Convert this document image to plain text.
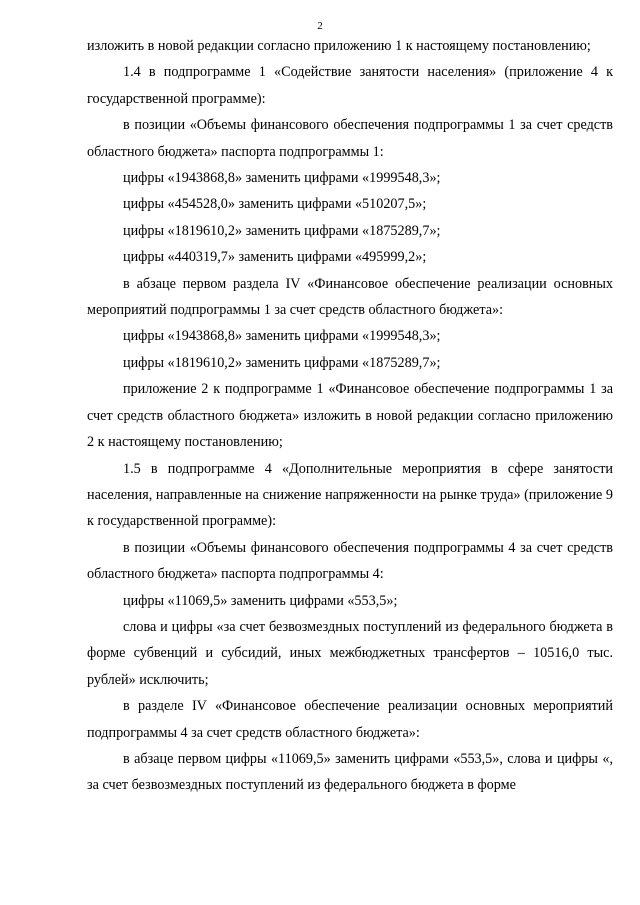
2

изложить в новой редакции согласно приложению 1 к настоящему постановлению;

1.4 в подпрограмме 1 «Содействие занятости населения» (приложение 4 к государственной программе):

в позиции «Объемы финансового обеспечения подпрограммы 1 за счет средств областного бюджета» паспорта подпрограммы 1:

цифры «1943868,8» заменить цифрами «1999548,3»;

цифры «454528,0» заменить цифрами «510207,5»;

цифры «1819610,2» заменить цифрами «1875289,7»;

цифры «440319,7» заменить цифрами «495999,2»;

в абзаце первом раздела IV «Финансовое обеспечение реализации основных мероприятий подпрограммы 1 за счет средств областного бюджета»:

цифры «1943868,8» заменить цифрами «1999548,3»;

цифры «1819610,2» заменить цифрами «1875289,7»;

приложение 2 к подпрограмме 1 «Финансовое обеспечение подпрограммы 1 за счет средств областного бюджета» изложить в новой редакции согласно приложению 2 к настоящему постановлению;

1.5 в подпрограмме 4 «Дополнительные мероприятия в сфере занятости населения, направленные на снижение напряженности на рынке труда» (приложение 9 к государственной программе):

в позиции «Объемы финансового обеспечения подпрограммы 4 за счет средств областного бюджета» паспорта подпрограммы 4:

цифры «11069,5» заменить цифрами «553,5»;

слова и цифры «за счет безвозмездных поступлений из федерального бюджета в форме субвенций и субсидий, иных межбюджетных трансфертов – 10516,0 тыс. рублей» исключить;

в разделе IV «Финансовое обеспечение реализации основных мероприятий подпрограммы 4 за счет средств областного бюджета»:

в абзаце первом цифры «11069,5» заменить цифрами «553,5», слова и цифры «, за счет безвозмездных поступлений из федерального бюджета в форме
